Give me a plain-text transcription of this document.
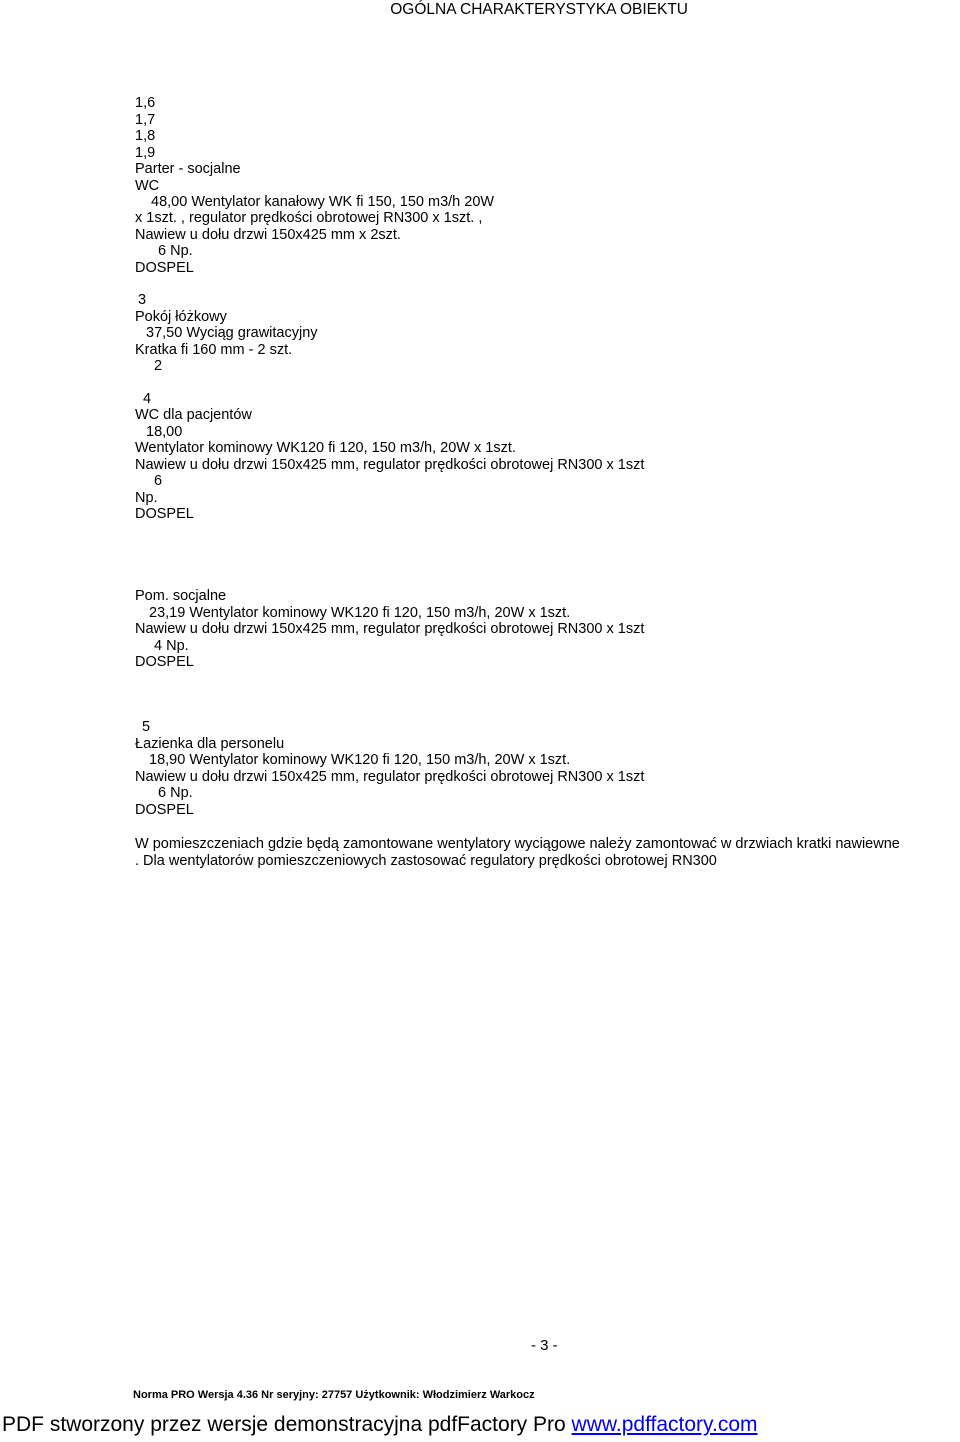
OGÓLNA CHARAKTERYSTYKA OBIEKTU
1,6
1,7
1,8
1,9
Parter - socjalne
WC
48,00 Wentylator kanałowy WK fi 150, 150 m3/h 20W
x 1szt. , regulator prędkości obrotowej RN300 x 1szt. ,
Nawiew u dołu drzwi 150x425 mm x 2szt.
6 Np.
DOSPEL
3
Pokój łóżkowy
37,50 Wyciąg grawitacyjny
Kratka fi 160 mm - 2 szt.
2
4
WC dla pacjentów
18,00
Wentylator kominowy WK120 fi 120, 150 m3/h, 20W x 1szt.
Nawiew u dołu drzwi 150x425 mm, regulator prędkości obrotowej RN300 x 1szt
6
Np.
DOSPEL
Pom. socjalne
23,19 Wentylator kominowy WK120 fi 120, 150 m3/h, 20W x 1szt.
Nawiew u dołu drzwi 150x425 mm, regulator prędkości obrotowej RN300 x 1szt
4 Np.
DOSPEL
5
Łazienka dla personelu
18,90 Wentylator kominowy WK120 fi 120, 150 m3/h, 20W x 1szt.
Nawiew u dołu drzwi 150x425 mm, regulator prędkości obrotowej RN300 x 1szt
6 Np.
DOSPEL
W pomieszczeniach gdzie będą zamontowane wentylatory wyciągowe należy zamontować w drzwiach kratki nawiewne
. Dla wentylatorów pomieszczeniowych zastosować regulatory prędkości obrotowej RN300
- 3 -
Norma PRO Wersja 4.36 Nr seryjny: 27757 Użytkownik: Włodzimierz Warkocz
PDF stworzony przez wersje demonstracyjna pdfFactory Pro www.pdffactory.com
